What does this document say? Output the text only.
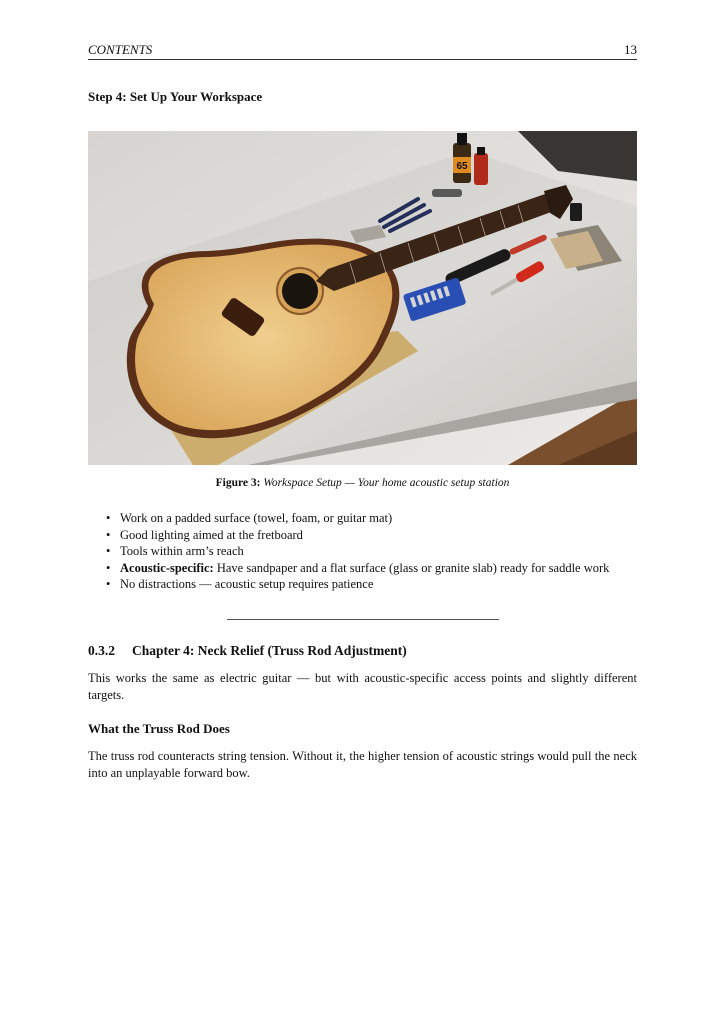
CONTENTS	13
Step 4: Set Up Your Workspace
65
Figure 3: Workspace Setup — Your home acoustic setup station
• Work on a padded surface (towel, foam, or guitar mat)
• Good lighting aimed at the fretboard
• Tools within arm’s reach
• Acoustic-specific: Have sandpaper and a flat surface (glass or granite slab) ready for saddle work
• No distractions — acoustic setup requires patience
0.3.2 Chapter 4: Neck Relief (Truss Rod Adjustment)
This works the same as electric guitar — but with acoustic-specific access points and slightly different targets.
What the Truss Rod Does
The truss rod counteracts string tension. Without it, the higher tension of acoustic strings would pull the neck into an unplayable forward bow.
